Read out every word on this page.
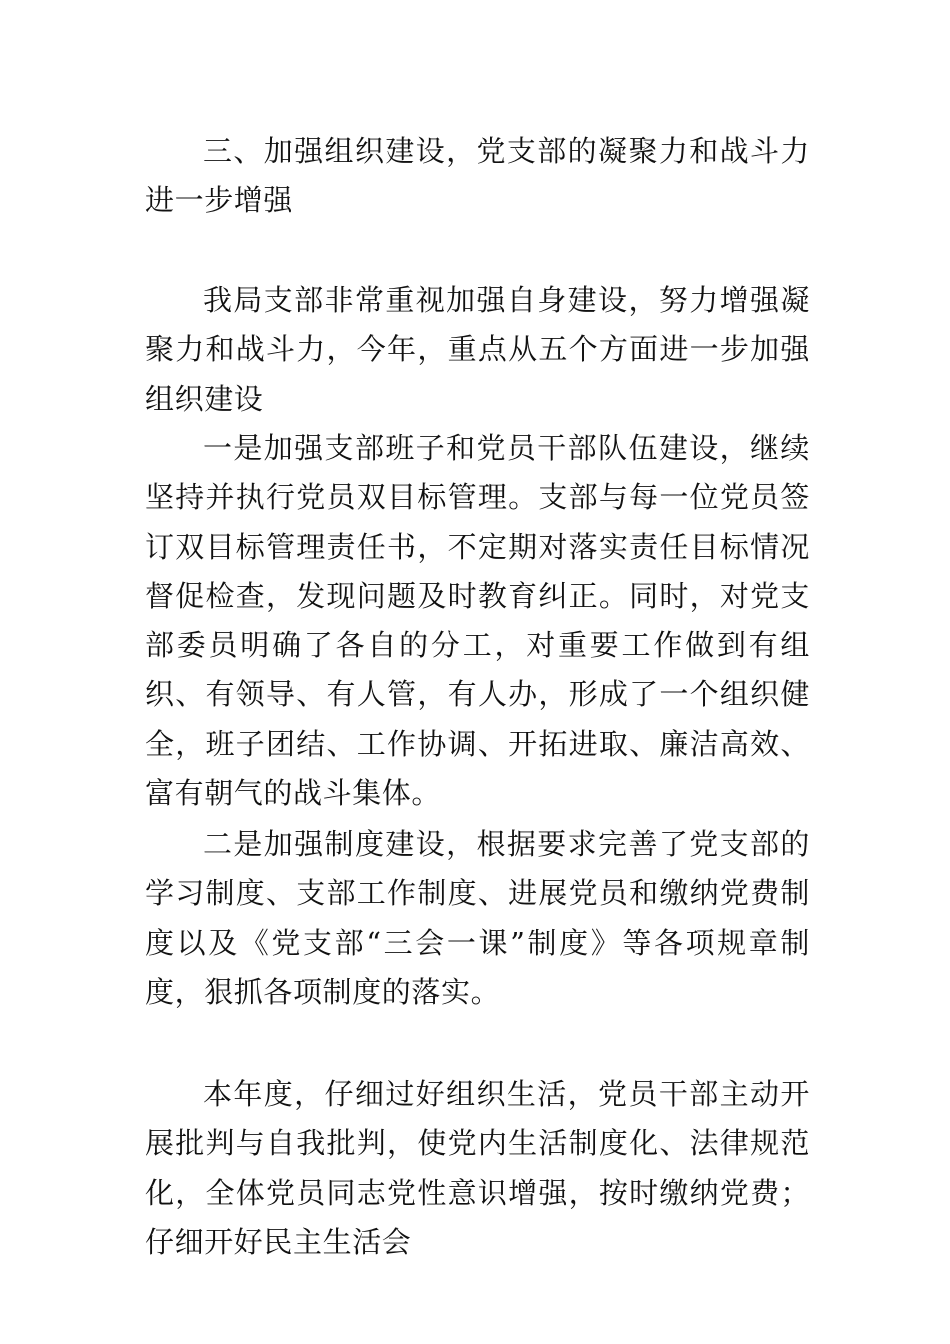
三、加强组织建设，党支部的凝聚力和战斗力进一步增强

我局支部非常重视加强自身建设，努力增强凝聚力和战斗力，今年，重点从五个方面进一步加强组织建设

一是加强支部班子和党员干部队伍建设，继续坚持并执行党员双目标管理。支部与每一位党员签订双目标管理责任书，不定期对落实责任目标情况督促检查，发现问题及时教育纠正。同时，对党支部委员明确了各自的分工，对重要工作做到有组织、有领导、有人管，有人办，形成了一个组织健全，班子团结、工作协调、开拓进取、廉洁高效、富有朝气的战斗集体。

二是加强制度建设，根据要求完善了党支部的学习制度、支部工作制度、进展党员和缴纳党费制度以及《党支部“三会一课”制度》等各项规章制度，狠抓各项制度的落实。

本年度，仔细过好组织生活，党员干部主动开展批判与自我批判，使党内生活制度化、法律规范化，全体党员同志党性意识增强，按时缴纳党费；仔细开好民主生活会
